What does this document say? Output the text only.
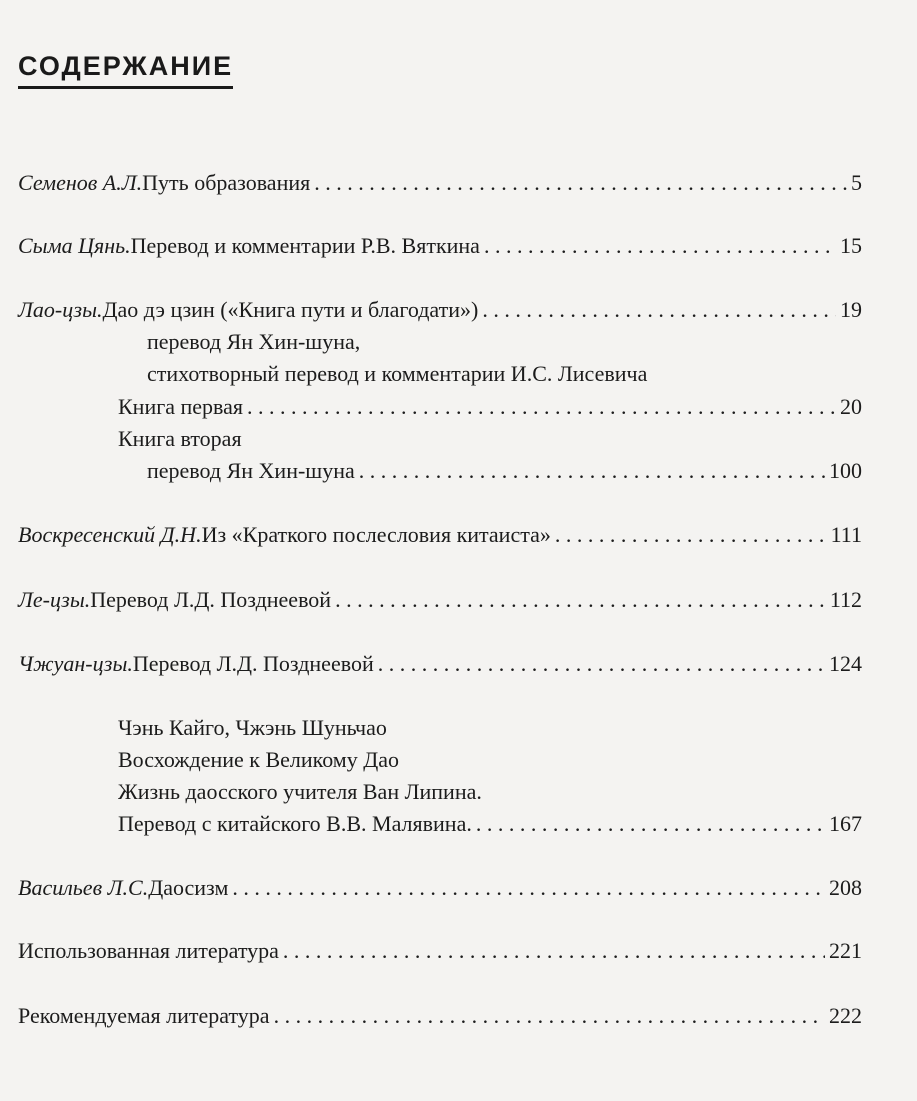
СОДЕРЖАНИЕ
Семенов А.Л. Путь образования . . .	5
Сыма Цянь. Перевод и комментарии Р.В. Вяткина . . .	15
Лао-цзы. Дао дэ цзин («Книга пути и благодати») . . .	19
перевод Ян Хин-шуна,
стихотворный перевод и комментарии И.С. Лисевича
Книга первая . . .	20
Книга вторая
перевод Ян Хин-шуна . . .	100
Воскресенский Д.Н. Из «Краткого послесловия китаиста» . . .	111
Ле-цзы. Перевод Л.Д. Позднеевой . . .	112
Чжуан-цзы. Перевод Л.Д. Позднеевой . . .	124
Чэнь Кайго, Чжэнь Шуньчао
Восхождение к Великому Дао
Жизнь даосского учителя Ван Липина.
Перевод с китайского В.В. Малявина. . . .	167
Васильев Л.С. Даосизм . . .	208
Использованная литература . . .	221
Рекомендуемая литература . . .	222
